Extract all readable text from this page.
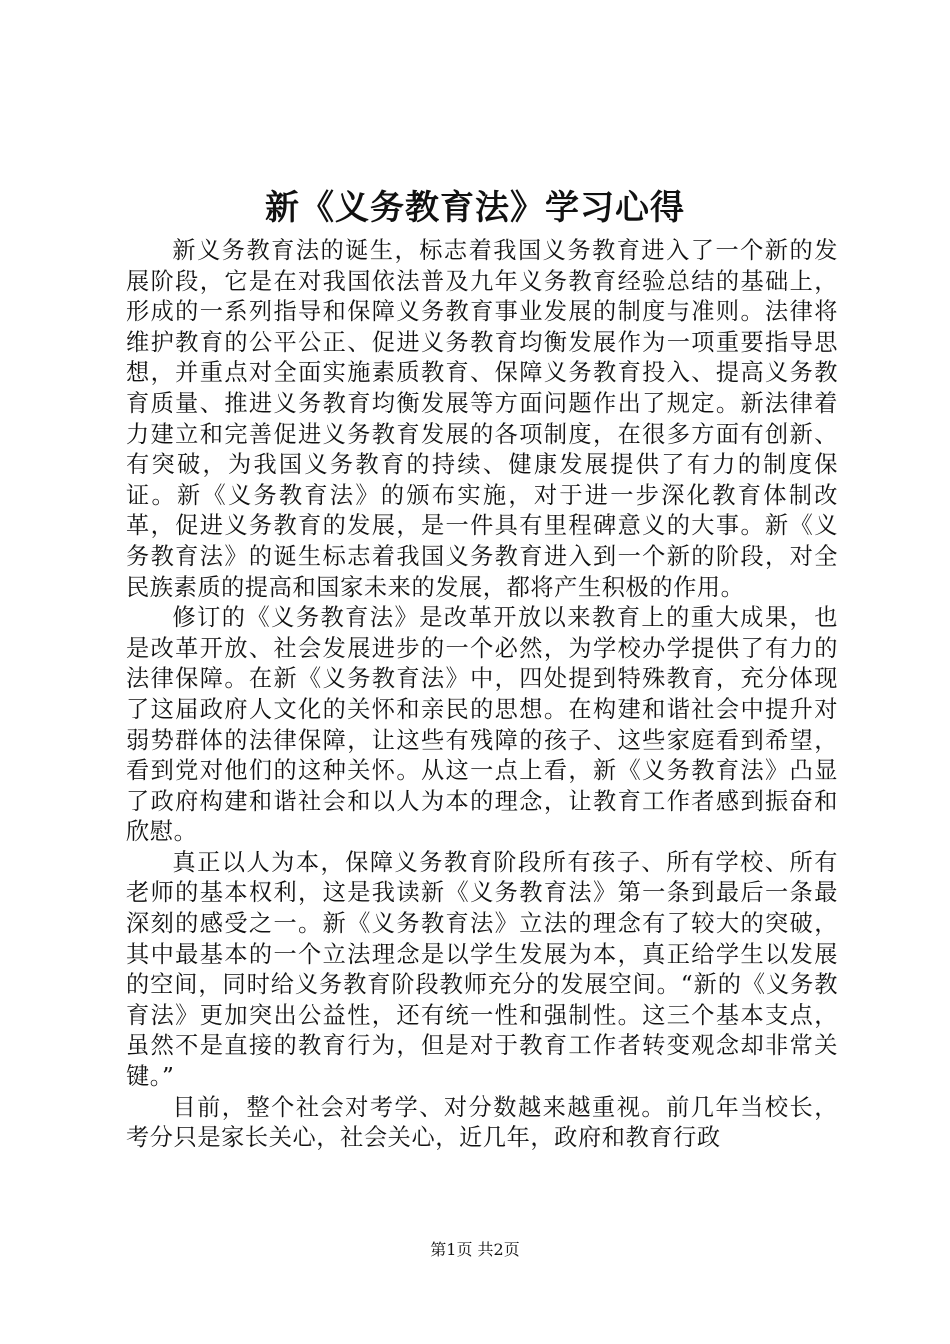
新《义务教育法》学习心得

新义务教育法的诞生，标志着我国义务教育进入了一个新的发展阶段，它是在对我国依法普及九年义务教育经验总结的基础上，形成的一系列指导和保障义务教育事业发展的制度与准则。法律将维护教育的公平公正、促进义务教育均衡发展作为一项重要指导思想，并重点对全面实施素质教育、保障义务教育投入、提高义务教育质量、推进义务教育均衡发展等方面问题作出了规定。新法律着力建立和完善促进义务教育发展的各项制度，在很多方面有创新、有突破，为我国义务教育的持续、健康发展提供了有力的制度保证。新《义务教育法》的颁布实施，对于进一步深化教育体制改革，促进义务教育的发展，是一件具有里程碑意义的大事。新《义务教育法》的诞生标志着我国义务教育进入到一个新的阶段，对全民族素质的提高和国家未来的发展，都将产生积极的作用。

修订的《义务教育法》是改革开放以来教育上的重大成果，也是改革开放、社会发展进步的一个必然，为学校办学提供了有力的法律保障。在新《义务教育法》中，四处提到特殊教育，充分体现了这届政府人文化的关怀和亲民的思想。在构建和谐社会中提升对弱势群体的法律保障，让这些有残障的孩子、这些家庭看到希望，看到党对他们的这种关怀。从这一点上看，新《义务教育法》凸显了政府构建和谐社会和以人为本的理念，让教育工作者感到振奋和欣慰。

真正以人为本，保障义务教育阶段所有孩子、所有学校、所有老师的基本权利，这是我读新《义务教育法》第一条到最后一条最深刻的感受之一。新《义务教育法》立法的理念有了较大的突破，其中最基本的一个立法理念是以学生发展为本，真正给学生以发展的空间，同时给义务教育阶段教师充分的发展空间。“新的《义务教育法》更加突出公益性，还有统一性和强制性。这三个基本支点，虽然不是直接的教育行为，但是对于教育工作者转变观念却非常关键。”

目前，整个社会对考学、对分数越来越重视。前几年当校长，考分只是家长关心，社会关心，近几年，政府和教育行政

第1页 共2页
